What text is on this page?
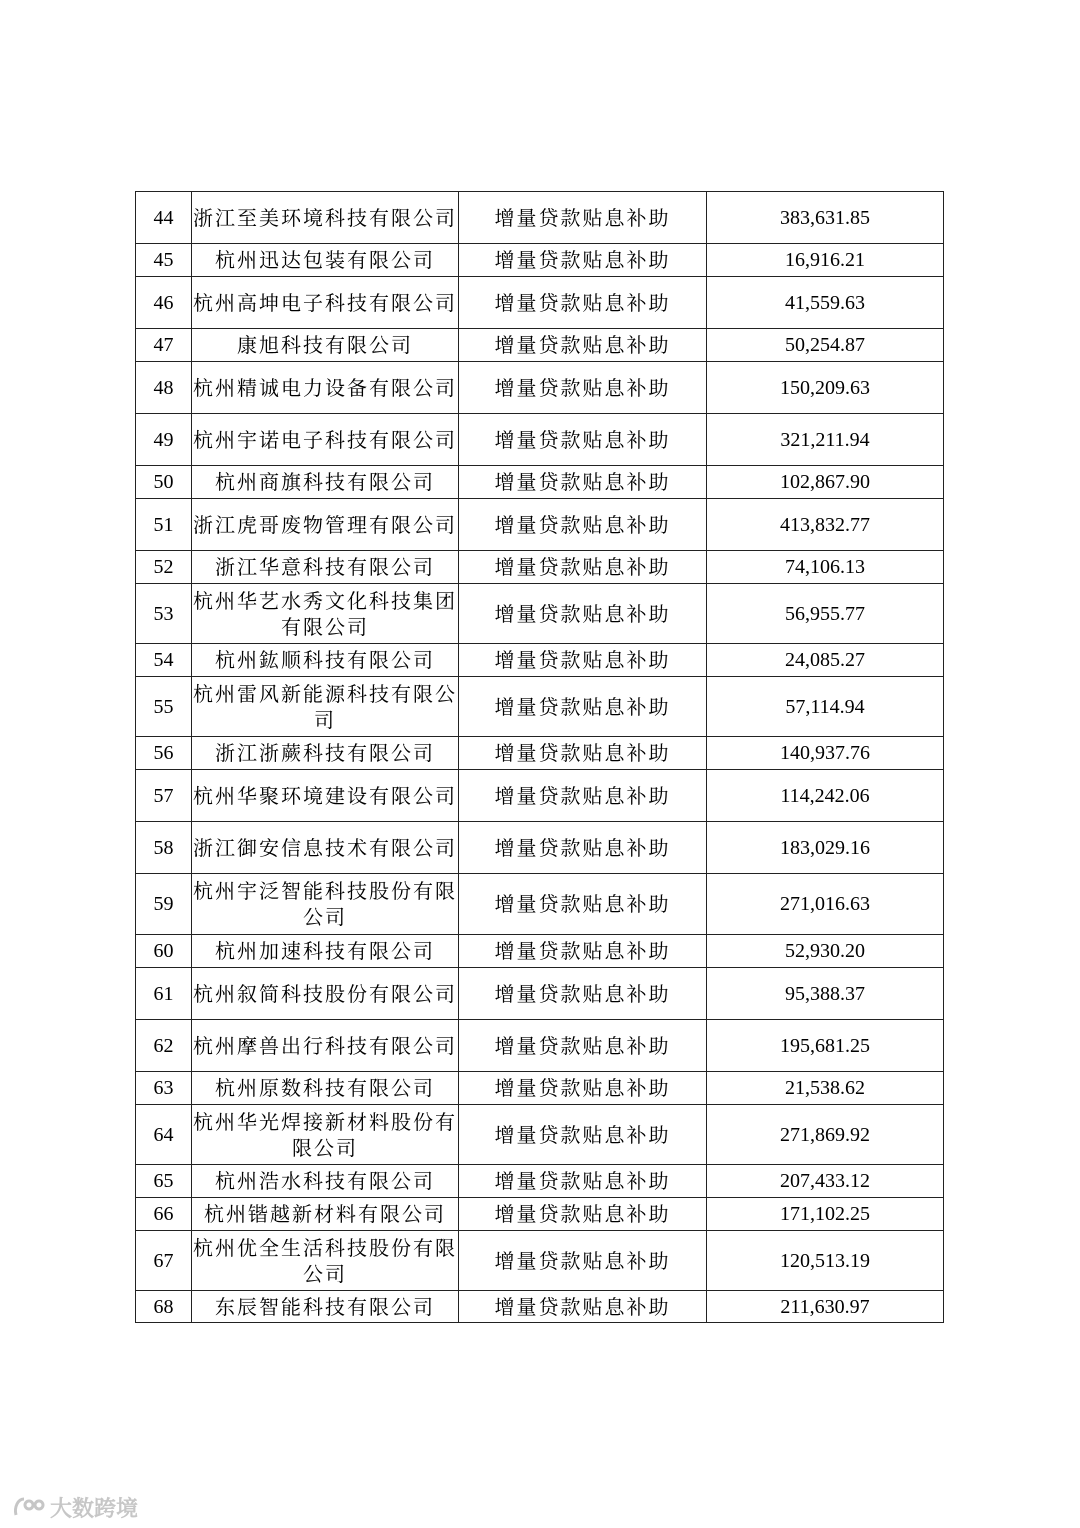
44	浙江至美环境科技有限公司	增量贷款贴息补助	383,631.85
45	杭州迅达包装有限公司	增量贷款贴息补助	16,916.21
46	杭州高坤电子科技有限公司	增量贷款贴息补助	41,559.63
47	康旭科技有限公司	增量贷款贴息补助	50,254.87
48	杭州精诚电力设备有限公司	增量贷款贴息补助	150,209.63
49	杭州宇诺电子科技有限公司	增量贷款贴息补助	321,211.94
50	杭州商旗科技有限公司	增量贷款贴息补助	102,867.90
51	浙江虎哥废物管理有限公司	增量贷款贴息补助	413,832.77
52	浙江华意科技有限公司	增量贷款贴息补助	74,106.13
53	杭州华艺水秀文化科技集团有限公司	增量贷款贴息补助	56,955.77
54	杭州鈜顺科技有限公司	增量贷款贴息补助	24,085.27
55	杭州雷风新能源科技有限公司	增量贷款贴息补助	57,114.94
56	浙江浙蕨科技有限公司	增量贷款贴息补助	140,937.76
57	杭州华聚环境建设有限公司	增量贷款贴息补助	114,242.06
58	浙江御安信息技术有限公司	增量贷款贴息补助	183,029.16
59	杭州宇泛智能科技股份有限公司	增量贷款贴息补助	271,016.63
60	杭州加速科技有限公司	增量贷款贴息补助	52,930.20
61	杭州叙简科技股份有限公司	增量贷款贴息补助	95,388.37
62	杭州摩兽出行科技有限公司	增量贷款贴息补助	195,681.25
63	杭州原数科技有限公司	增量贷款贴息补助	21,538.62
64	杭州华光焊接新材料股份有限公司	增量贷款贴息补助	271,869.92
65	杭州浩水科技有限公司	增量贷款贴息补助	207,433.12
66	杭州锴越新材料有限公司	增量贷款贴息补助	171,102.25
67	杭州优全生活科技股份有限公司	增量贷款贴息补助	120,513.19
68	东辰智能科技有限公司	增量贷款贴息补助	211,630.97
大数跨境
